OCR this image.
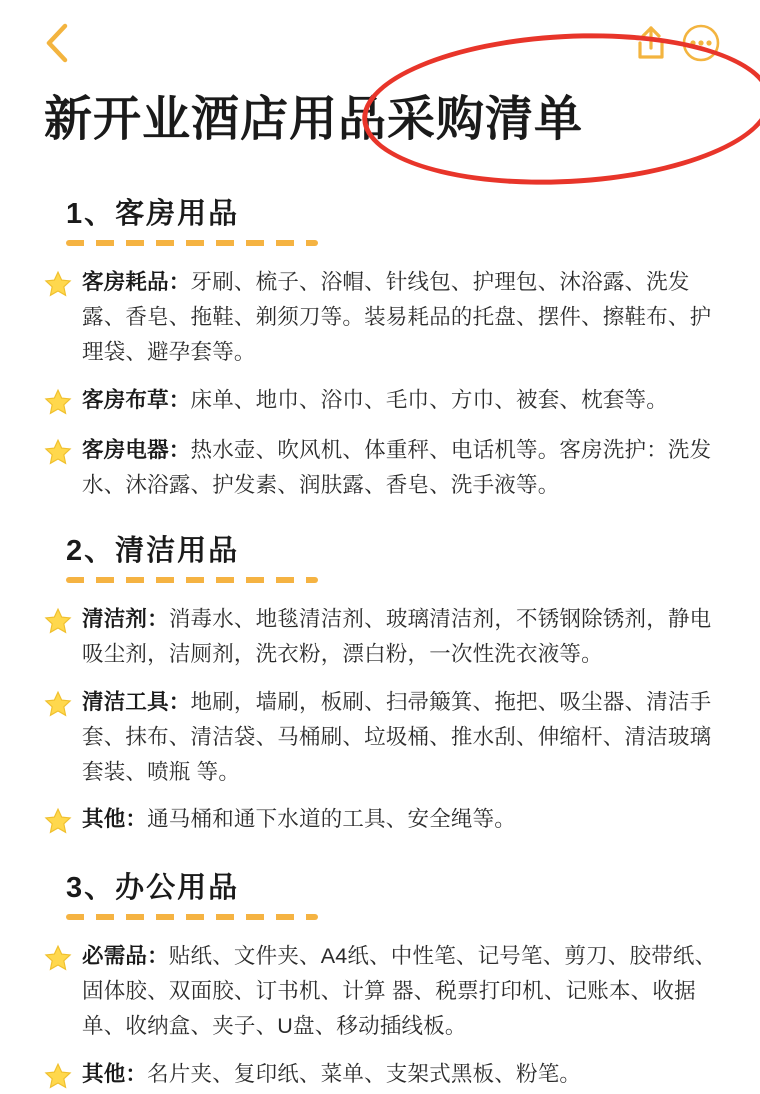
新开业酒店用品采购清单
1、客房用品
客房耗品：牙刷、梳子、浴帽、针线包、护理包、沐浴露、洗发露、香皂、拖鞋、剃须刀等。装易耗品的托盘、摆件、擦鞋布、护理袋、避孕套等。
客房布草：床单、地巾、浴巾、毛巾、方巾、被套、枕套等。
客房电器：热水壶、吹风机、体重秤、电话机等。客房洗护：洗发水、沐浴露、护发素、润肤露、香皂、洗手液等。
2、清洁用品
清洁剂：消毒水、地毯清洁剂、玻璃清洁剂，不锈钢除锈剂，静电吸尘剂，洁厕剂，洗衣粉，漂白粉，一次性洗衣液等。
清洁工具：地刷，墙刷，板刷、扫帚簸箕、拖把、吸尘器、清洁手套、抹布、清洁袋、马桶刷、垃圾桶、推水刮、伸缩杆、清洁玻璃套装、喷瓶 等。
其他：通马桶和通下水道的工具、安全绳等。
3、办公用品
必需品：贴纸、文件夹、A4纸、中性笔、记号笔、剪刀、胶带纸、固体胶、双面胶、订书机、计算 器、税票打印机、记账本、收据单、收纳盒、夹子、U盘、移动插线板。
其他：名片夹、复印纸、菜单、支架式黑板、粉笔。
